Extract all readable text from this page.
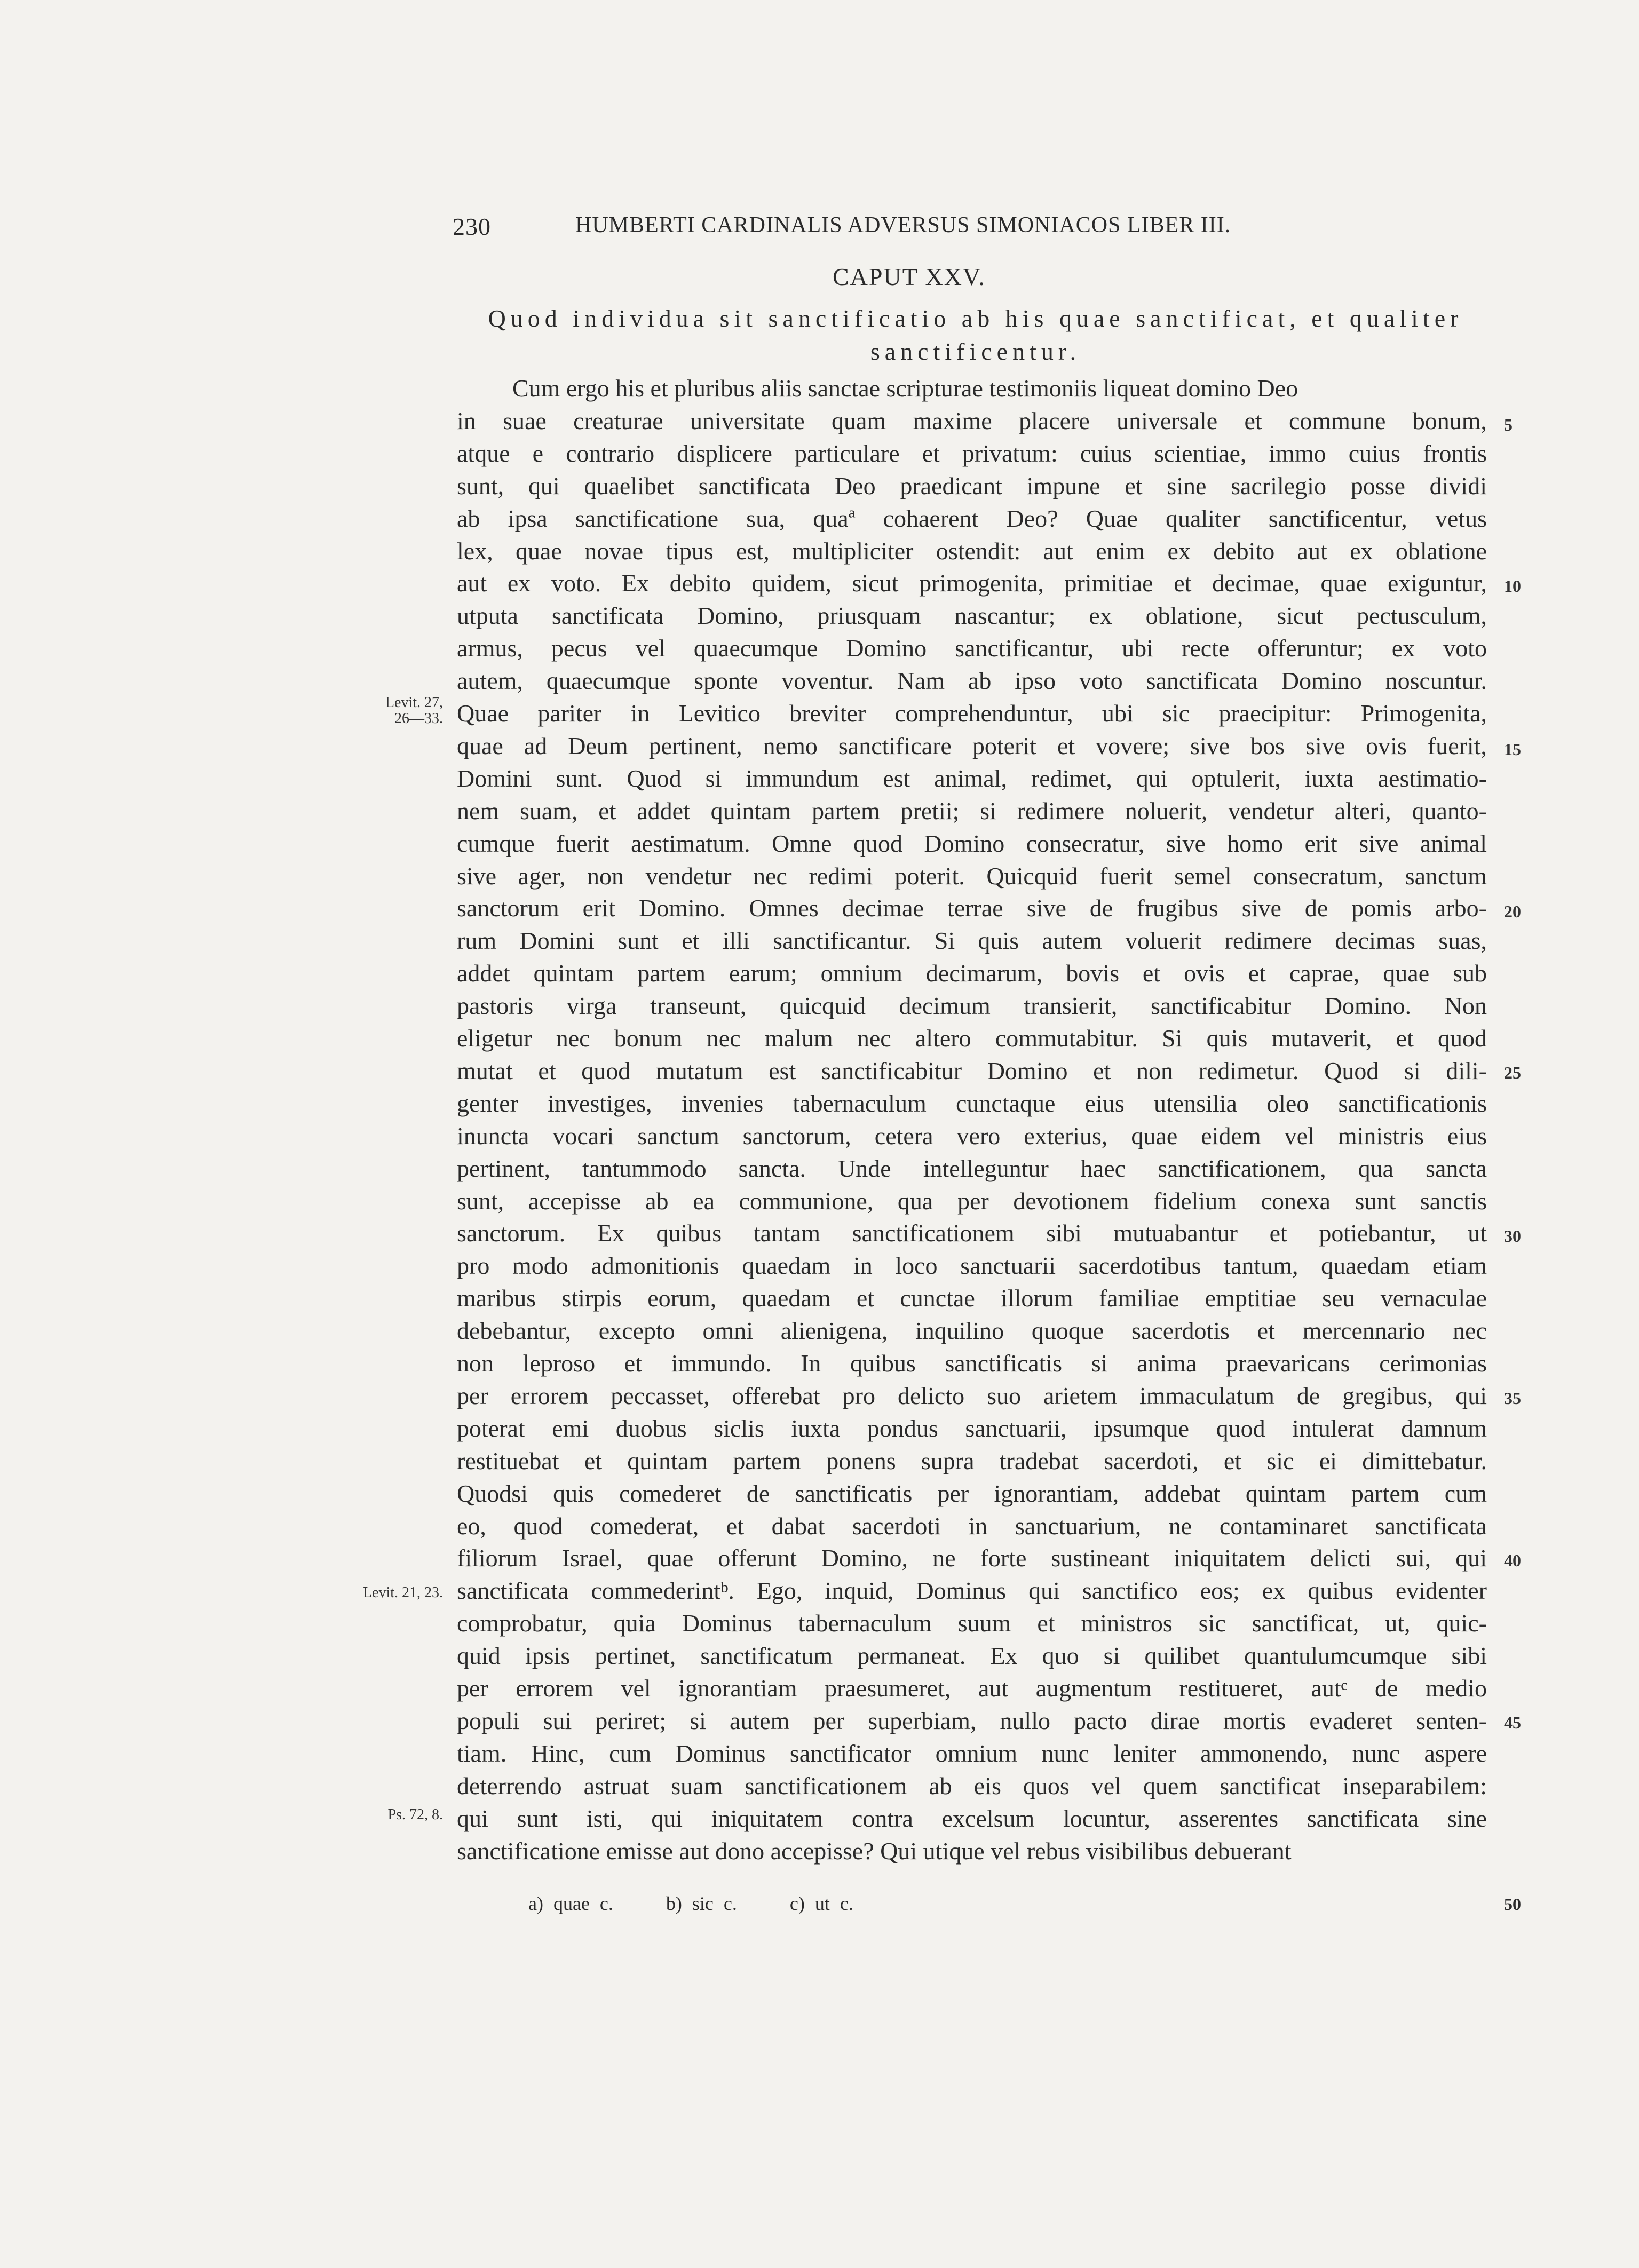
230	HUMBERTI CARDINALIS ADVERSUS SIMONIACOS LIBER III.
CAPUT XXV.
Quod individua sit sanctificatio ab his quae sanctificat, et qualiter
sanctificentur.
Cum ergo his et pluribus aliis sanctae scripturae testimoniis liqueat domino Deo
in suae creaturae universitate quam maxime placere universale et commune bonum,
atque e contrario displicere particulare et privatum: cuius scientiae, immo cuius frontis
sunt, qui quaelibet sanctificata Deo praedicant impune et sine sacrilegio posse dividi
ab ipsa sanctificatione sua, quaª cohaerent Deo? Quae qualiter sanctificentur, vetus
lex, quae novae tipus est, multipliciter ostendit: aut enim ex debito aut ex oblatione
aut ex voto. Ex debito quidem, sicut primogenita, primitiae et decimae, quae exiguntur,
utputa sanctificata Domino, priusquam nascantur; ex oblatione, sicut pectusculum,
armus, pecus vel quaecumque Domino sanctificantur, ubi recte offeruntur; ex voto
autem, quaecumque sponte voventur. Nam ab ipso voto sanctificata Domino noscuntur.
Quae pariter in Levitico breviter comprehenduntur, ubi sic praecipitur: Primogenita,
quae ad Deum pertinent, nemo sanctificare poterit et vovere; sive bos sive ovis fuerit,
Domini sunt. Quod si immundum est animal, redimet, qui optulerit, iuxta aestimatio-
nem suam, et addet quintam partem pretii; si redimere noluerit, vendetur alteri, quanto-
cumque fuerit aestimatum. Omne quod Domino consecratur, sive homo erit sive animal
sive ager, non vendetur nec redimi poterit. Quicquid fuerit semel consecratum, sanctum
sanctorum erit Domino. Omnes decimae terrae sive de frugibus sive de pomis arbo-
rum Domini sunt et illi sanctificantur. Si quis autem voluerit redimere decimas suas,
addet quintam partem earum; omnium decimarum, bovis et ovis et caprae, quae sub
pastoris virga transeunt, quicquid decimum transierit, sanctificabitur Domino. Non
eligetur nec bonum nec malum nec altero commutabitur. Si quis mutaverit, et quod
mutat et quod mutatum est sanctificabitur Domino et non redimetur. Quod si dili-
genter investiges, invenies tabernaculum cunctaque eius utensilia oleo sanctificationis
inuncta vocari sanctum sanctorum, cetera vero exterius, quae eidem vel ministris eius
pertinent, tantummodo sancta. Unde intelleguntur haec sanctificationem, qua sancta
sunt, accepisse ab ea communione, qua per devotionem fidelium conexa sunt sanctis
sanctorum. Ex quibus tantam sanctificationem sibi mutuabantur et potiebantur, ut
pro modo admonitionis quaedam in loco sanctuarii sacerdotibus tantum, quaedam etiam
maribus stirpis eorum, quaedam et cunctae illorum familiae emptitiae seu vernaculae
debebantur, excepto omni alienigena, inquilino quoque sacerdotis et mercennario nec
non leproso et immundo. In quibus sanctificatis si anima praevaricans cerimonias
per errorem peccasset, offerebat pro delicto suo arietem immaculatum de gregibus, qui
poterat emi duobus siclis iuxta pondus sanctuarii, ipsumque quod intulerat damnum
restituebat et quintam partem ponens supra tradebat sacerdoti, et sic ei dimittebatur.
Quodsi quis comederet de sanctificatis per ignorantiam, addebat quintam partem cum
eo, quod comederat, et dabat sacerdoti in sanctuarium, ne contaminaret sanctificata
filiorum Israel, quae offerunt Domino, ne forte sustineant iniquitatem delicti sui, qui
sanctificata commederintᵇ. Ego, inquid, Dominus qui sanctifico eos; ex quibus evidenter
comprobatur, quia Dominus tabernaculum suum et ministros sic sanctificat, ut, quic-
quid ipsis pertinet, sanctificatum permaneat. Ex quo si quilibet quantulumcumque sibi
per errorem vel ignorantiam praesumeret, aut augmentum restitueret, autᶜ de medio
populi sui periret; si autem per superbiam, nullo pacto dirae mortis evaderet senten-
tiam. Hinc, cum Dominus sanctificator omnium nunc leniter ammonendo, nunc aspere
deterrendo astruat suam sanctificationem ab eis quos vel quem sanctificat inseparabilem:
qui sunt isti, qui iniquitatem contra excelsum locuntur, asserentes sanctificata sine
sanctificatione emisse aut dono accepisse? Qui utique vel rebus visibilibus debuerant
Levit. 27,
26—33.
Levit. 21, 23.
Ps. 72, 8.
5
10
15
20
25
30
35
40
45
a) quae c.	b) sic c.	c) ut c.	50
